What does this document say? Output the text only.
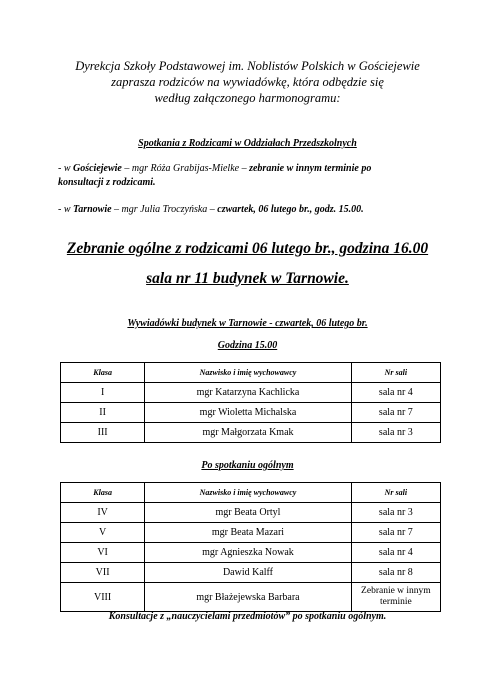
Dyrekcja Szkoły Podstawowej im. Noblistów Polskich w Gościejewie
zaprasza rodziców na wywiadówkę, która odbędzie się
według załączonego harmonogramu:
Spotkania z Rodzicami w Oddziałach Przedszkolnych
- w Gościejewie – mgr Róża Grabijas-Mielke – zebranie w innym terminie po
konsultacji z rodzicami.
- w Tarnowie – mgr Julia Troczyńska – czwartek, 06 lutego br., godz. 15.00.
Zebranie ogólne z rodzicami 06 lutego br., godzina 16.00
sala nr 11 budynek w Tarnowie.
Wywiadówki budynek w Tarnowie - czwartek, 06 lutego br.
Godzina 15.00
Klasa	Nazwisko i imię wychowawcy	Nr sali
I	mgr Katarzyna Kachlicka	sala nr 4
II	mgr Wioletta Michalska	sala nr 7
III	mgr Małgorzata Kmak	sala nr 3
Po spotkaniu ogólnym
Klasa	Nazwisko i imię wychowawcy	Nr sali
IV	mgr Beata Ortyl	sala nr 3
V	mgr Beata Mazari	sala nr 7
VI	mgr Agnieszka Nowak	sala nr 4
VII	Dawid Kalff	sala nr 8
VIII	mgr Błażejewska Barbara	Zebranie w innym terminie
Konsultacje z „nauczycielami przedmiotów” po spotkaniu ogólnym.
